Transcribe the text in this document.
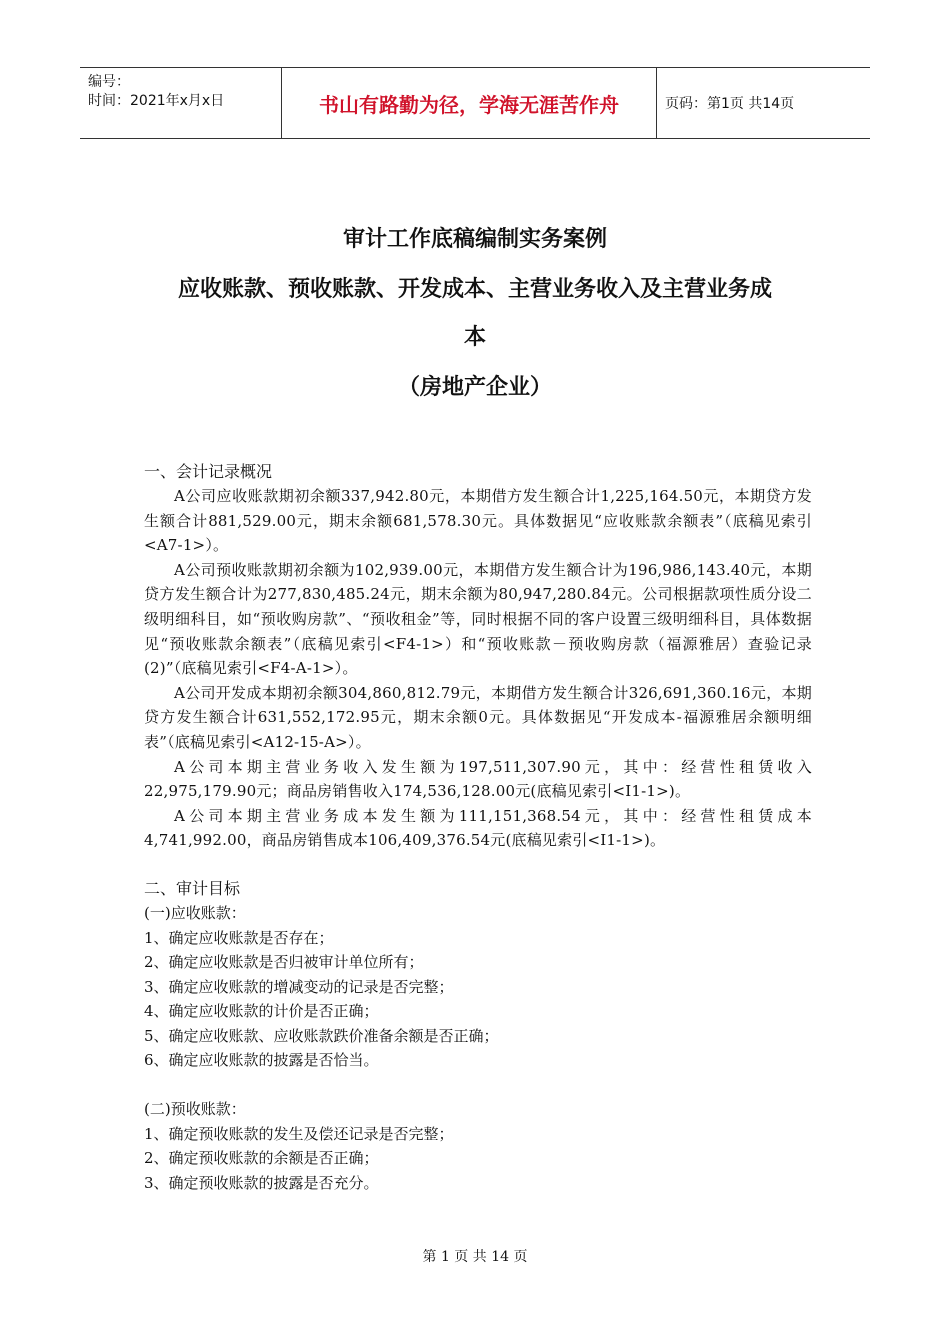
编号：
时间：2021年x月x日	书山有路勤为径，学海无涯苦作舟	页码：第1页 共14页
审计工作底稿编制实务案例
应收账款、预收账款、开发成本、主营业务收入及主营业务成
本
（房地产企业）

一、会计记录概况

A公司应收账款期初余额337,942.80元，本期借方发生额合计1,225,164.50元，本期贷方发生额合计881,529.00元，期末余额681,578.30元。具体数据见“应收账款余额表”（底稿见索引<A7-1>）。

A公司预收账款期初余额为102,939.00元，本期借方发生额合计为196,986,143.40元，本期贷方发生额合计为277,830,485.24元，期末余额为80,947,280.84元。公司根据款项性质分设二级明细科目，如“预收购房款”、“预收租金”等，同时根据不同的客户设置三级明细科目，具体数据见“预收账款余额表”（底稿见索引<F4-1>）和“预收账款－预收购房款（福源雅居）查验记录(2)”（底稿见索引<F4-A-1>）。

A公司开发成本期初余额304,860,812.79元，本期借方发生额合计326,691,360.16元，本期贷方发生额合计631,552,172.95元，期末余额0元。具体数据见“开发成本-福源雅居余额明细表”（底稿见索引<A12-15-A>）。

A公司本期主营业务收入发生额为197,511,307.90元，其中：经营性租赁收入22,975,179.90元；商品房销售收入174,536,128.00元(底稿见索引<I1-1>)。

A公司本期主营业务成本发生额为111,151,368.54元，其中：经营性租赁成本4,741,992.00，商品房销售成本106,409,376.54元(底稿见索引<I1-1>)。

二、审计目标

(一)应收账款：

1、确定应收账款是否存在；

2、确定应收账款是否归被审计单位所有；

3、确定应收账款的增减变动的记录是否完整；

4、确定应收账款的计价是否正确；

5、确定应收账款、应收账款跌价准备余额是否正确；

6、确定应收账款的披露是否恰当。

(二)预收账款：

1、确定预收账款的发生及偿还记录是否完整；

2、确定预收账款的余额是否正确；

3、确定预收账款的披露是否充分。

第 1 页 共 14 页
